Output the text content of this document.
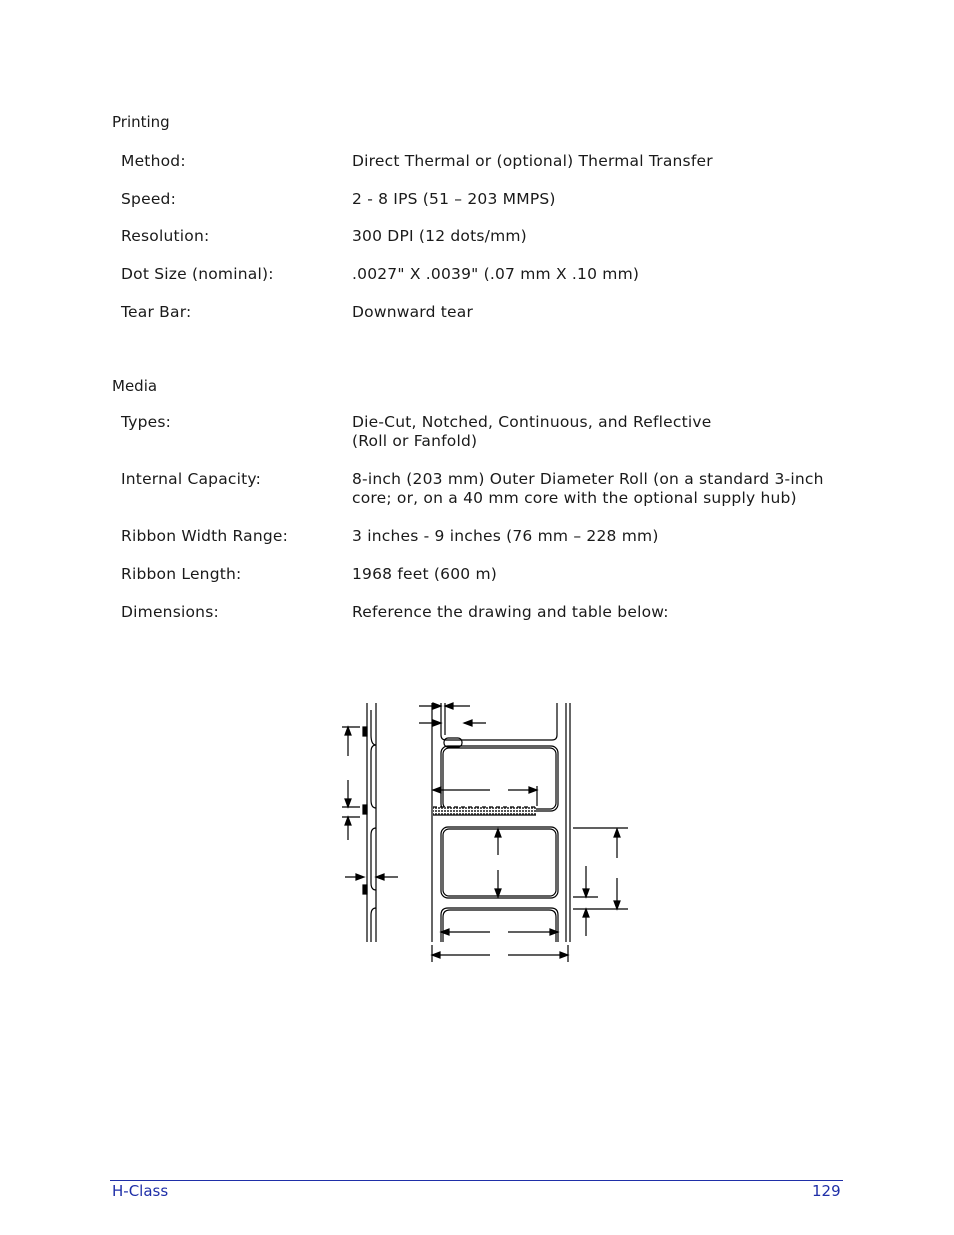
Printing
Method:	Direct Thermal or (optional) Thermal Transfer
Speed:	2 - 8 IPS (51 – 203 MMPS)
Resolution:	300 DPI (12 dots/mm)
Dot Size (nominal):	.0027" X .0039" (.07 mm X .10 mm)
Tear Bar:	Downward tear
Media
Types:	Die-Cut, Notched, Continuous, and Reflective
(Roll or Fanfold)
Internal Capacity:	8-inch (203 mm) Outer Diameter Roll (on a standard 3-inch
core; or, on a 40 mm core with the optional supply hub)
Ribbon Width Range:	3 inches - 9 inches (76 mm – 228 mm)
Ribbon Length:	1968 feet (600 m)
Dimensions:	Reference the drawing and table below:
H-Class	129
